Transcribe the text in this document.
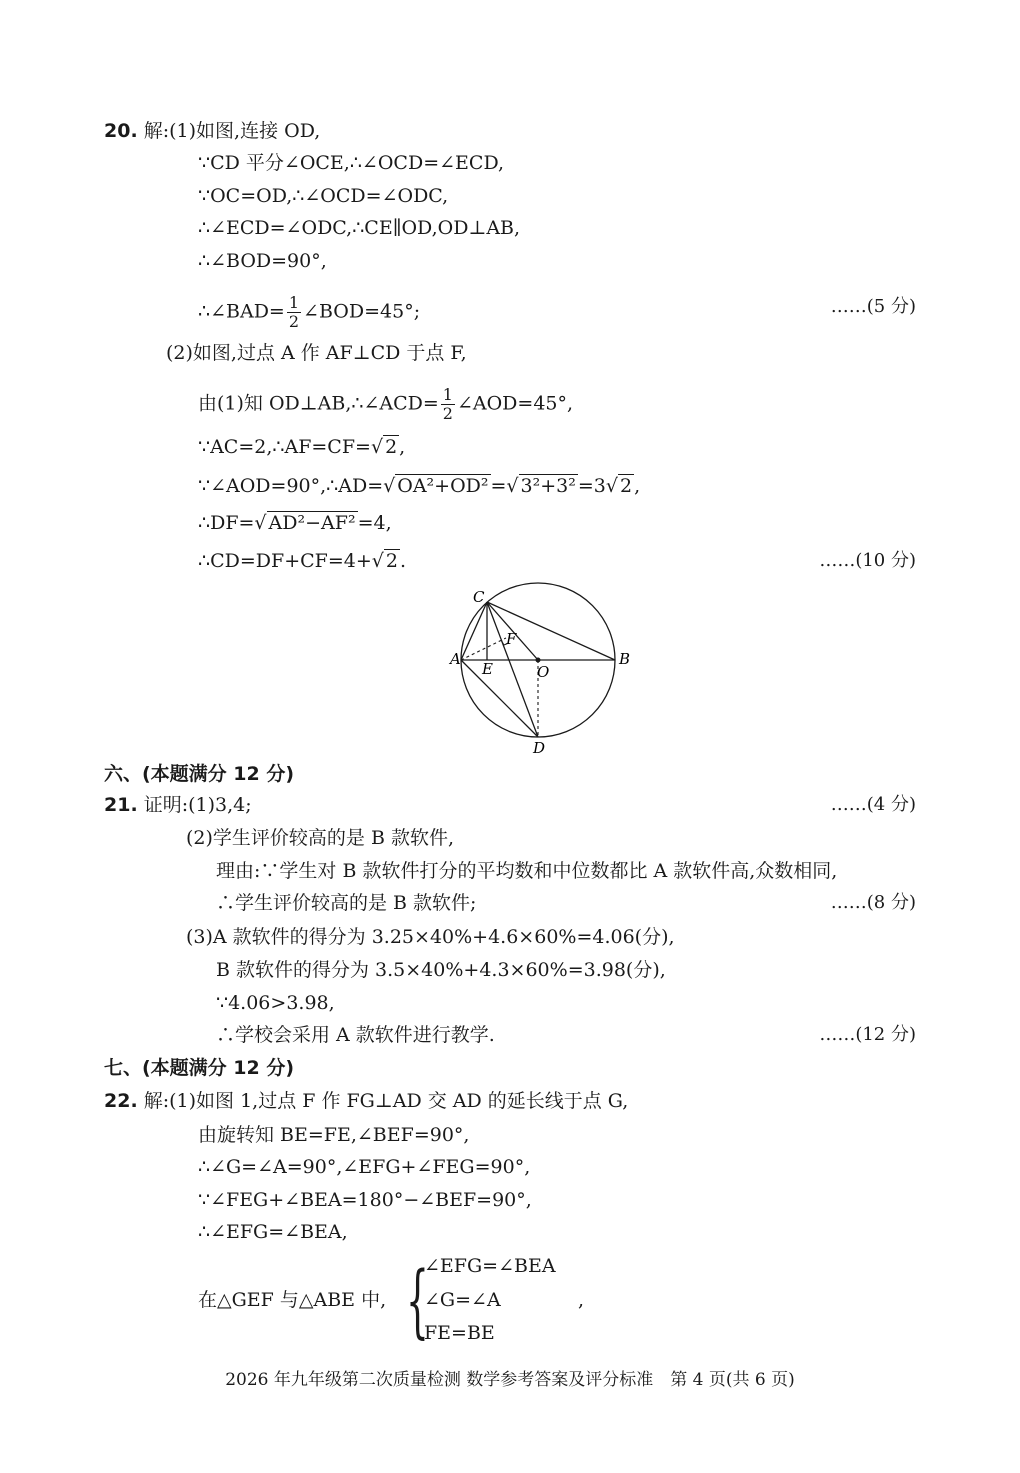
20. 解:(1)如图,连接 OD,
∵CD 平分∠OCE,∴∠OCD=∠ECD,
∵OC=OD,∴∠OCD=∠ODC,
∴∠ECD=∠ODC,∴CE∥OD,OD⊥AB,
∴∠BOD=90°,
∴∠BAD= $\frac{1}{2}$ ∠BOD=45°;	……(5 分)
(2)如图,过点 A 作 AF⊥CD 于点 F,
由(1)知 OD⊥AB,∴∠ACD= $\frac{1}{2}$ ∠AOD=45°,
∵AC=2,∴AF=CF=√ 2 ,
∵∠AOD=90°,∴AD=√ OA²+OD² =√ 3²+3² =3√ 2 ,
∴DF=√ AD²−AF² =4,
∴CD=DF+CF=4+√ 2 .	……(10 分)
C
F
A
E	O
B
D
六、(本题满分 12 分)
21. 证明:(1)3,4;	……(4 分)
(2)学生评价较高的是 B 款软件,
理由:∵学生对 B 款软件打分的平均数和中位数都比 A 款软件高,众数相同,
∴学生评价较高的是 B 款软件;	……(8 分)
(3)A 款软件的得分为 3.25×40%+4.6×60%=4.06(分),
B 款软件的得分为 3.5×40%+4.3×60%=3.98(分),
∵4.06>3.98,
∴学校会采用 A 款软件进行教学.	……(12 分)
七、(本题满分 12 分)
22. 解:(1)如图 1,过点 F 作 FG⊥AD 交 AD 的延长线于点 G,
由旋转知 BE=FE,∠BEF=90°,
∴∠G=∠A=90°,∠EFG+∠FEG=90°,
∵∠FEG+∠BEA=180°−∠BEF=90°,
∴∠EFG=∠BEA,
在△GEF 与△ABE 中, {
∠EFG=∠BEA
∠G=∠A
FE=BE
,
2026 年九年级第二次质量检测 数学参考答案及评分标准　第 4 页(共 6 页)
